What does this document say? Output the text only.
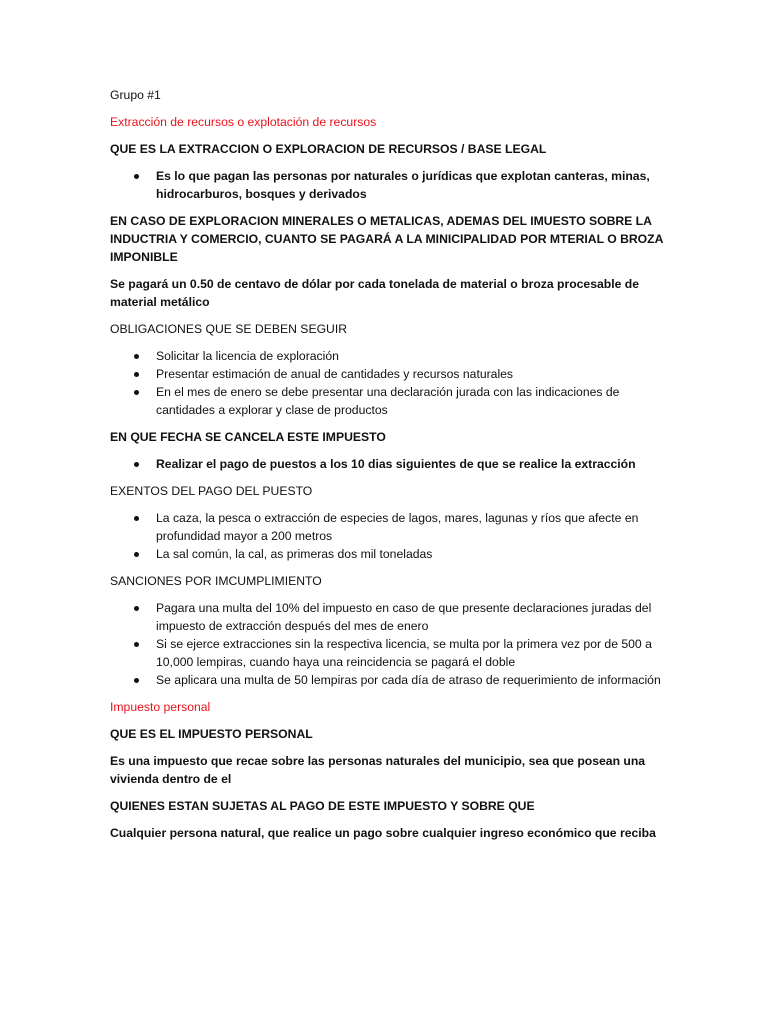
Grupo #1

Extracción de recursos o explotación de recursos

QUE ES LA EXTRACCION O EXPLORACION DE RECURSOS / BASE LEGAL

Es lo que pagan las personas por naturales o jurídicas que explotan canteras, minas, hidrocarburos, bosques y derivados

EN CASO DE EXPLORACION MINERALES O METALICAS, ADEMAS DEL IMUESTO SOBRE LA INDUCTRIA Y COMERCIO, CUANTO SE PAGARÁ A LA MINICIPALIDAD POR MTERIAL O BROZA IMPONIBLE

Se pagará un 0.50 de centavo de dólar por cada tonelada de material o broza procesable de material metálico

OBLIGACIONES QUE SE DEBEN SEGUIR

Solicitar la licencia de exploración
Presentar estimación de anual de cantidades y recursos naturales
En el mes de enero se debe presentar una declaración jurada con las indicaciones de cantidades a explorar y clase de productos

EN QUE FECHA SE CANCELA ESTE IMPUESTO

Realizar el pago de puestos a los 10 dias siguientes de que se realice la extracción

EXENTOS DEL PAGO DEL PUESTO

La caza, la pesca o extracción de especies de lagos, mares, lagunas y ríos que afecte en profundidad mayor a 200 metros
La sal común, la cal, as primeras dos mil toneladas

SANCIONES POR IMCUMPLIMIENTO

Pagara una multa del 10% del impuesto en caso de que presente declaraciones juradas del impuesto de extracción después del mes de enero
Si se ejerce extracciones sin la respectiva licencia, se multa por la primera vez por de 500 a 10,000 lempiras, cuando haya una reincidencia se pagará el doble
Se aplicara una multa de 50 lempiras por cada día de atraso de requerimiento de información

Impuesto personal

QUE ES EL IMPUESTO PERSONAL

Es una impuesto que recae sobre las personas naturales del municipio, sea que posean una vivienda dentro de el

QUIENES ESTAN SUJETAS AL PAGO DE ESTE IMPUESTO Y SOBRE QUE

Cualquier persona natural, que realice un pago sobre cualquier ingreso económico que reciba
